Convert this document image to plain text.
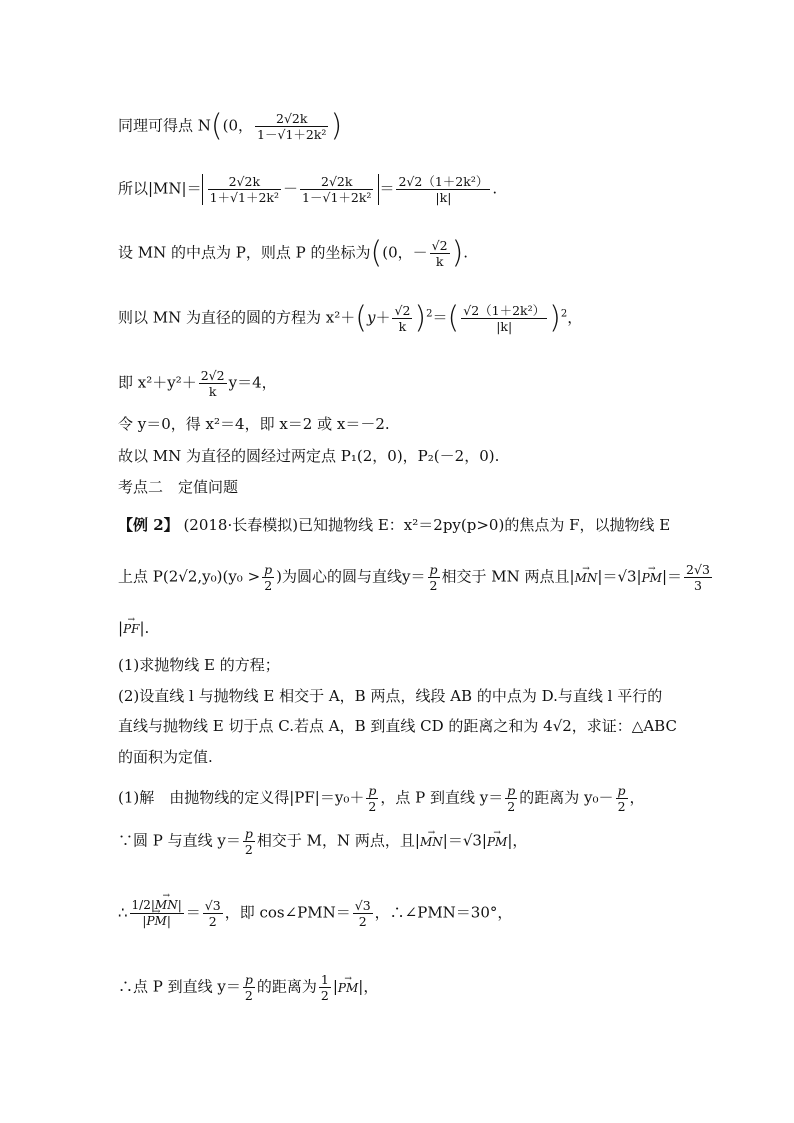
同理可得点 N((0， $\frac{2√2k}{\text{1－√1＋2k²}}$ )
所以$|MN|= \frac{2√2k}{\text{1＋√1＋2k²}} - \frac{2√2k}{\text{1－√1＋2k²}} = \frac{\text{2√2（1＋2k²）}}{|k|}$ .
设 MN 的中点为 P，则点 P 的坐标为((0，－ $\frac{√2}{k}$ ).
则以 MN 为直径的圆的方程为 $x^2+(y+ \frac{√2}{k} )^2=( \frac{\text{√2（1＋2k²）}}{|k|} )^2$，
即 $x^2+y^2+ \frac{2√2}{k} y=4$，
令 y＝0，得 x²＝4，即 x＝2 或 x＝－2.
故以 MN 为直径的圆经过两定点 P₁(2，0)，P₂(－2，0).
考点二　定值问题
【例 2】 (2018·长春模拟)已知抛物线 E：x²＝2py(p>0)的焦点为 F，以抛物线 E
上点 $P(2√2,y_0)(y_0 > \frac{p}{2}$ )为圆心的圆与直线$y= \frac{p}{2}$ 相交于 MN 两点且|→ $MN|=√3|\to PM|= \frac{2√3}{3}$
|→ PF|.
(1)求抛物线 E 的方程；
(2)设直线 l 与抛物线 E 相交于 A，B 两点，线段 AB 的中点为 D.与直线 l 平行的
直线与抛物线 E 切于点 C.若点 A，B 到直线 CD 的距离之和为 4√2，求证：△ABC
的面积为定值.
(1)解　由抛物线的定义得$|PF|=y_0+ \frac{p}{2}$ ，点 P 到直线 $y= \frac{p}{2}$ 的距离为 $y_0- \frac{p}{2}$ ，
∵圆 P 与直线 $y= \frac{p}{2}$ 相交于 M，N 两点，且|→ MN|＝√3|→ PM|，
∴ $\frac{1/2|\to MN|}{|\to PM|} = \frac{√3}{2}$ ，即 cos∠PMN＝ $\frac{√3}{2}$ ，∴∠PMN＝30°，
∴点 P 到直线 $y= \frac{p}{2}$ 的距离为 $\frac{1}{2}$ |→ PM|，
